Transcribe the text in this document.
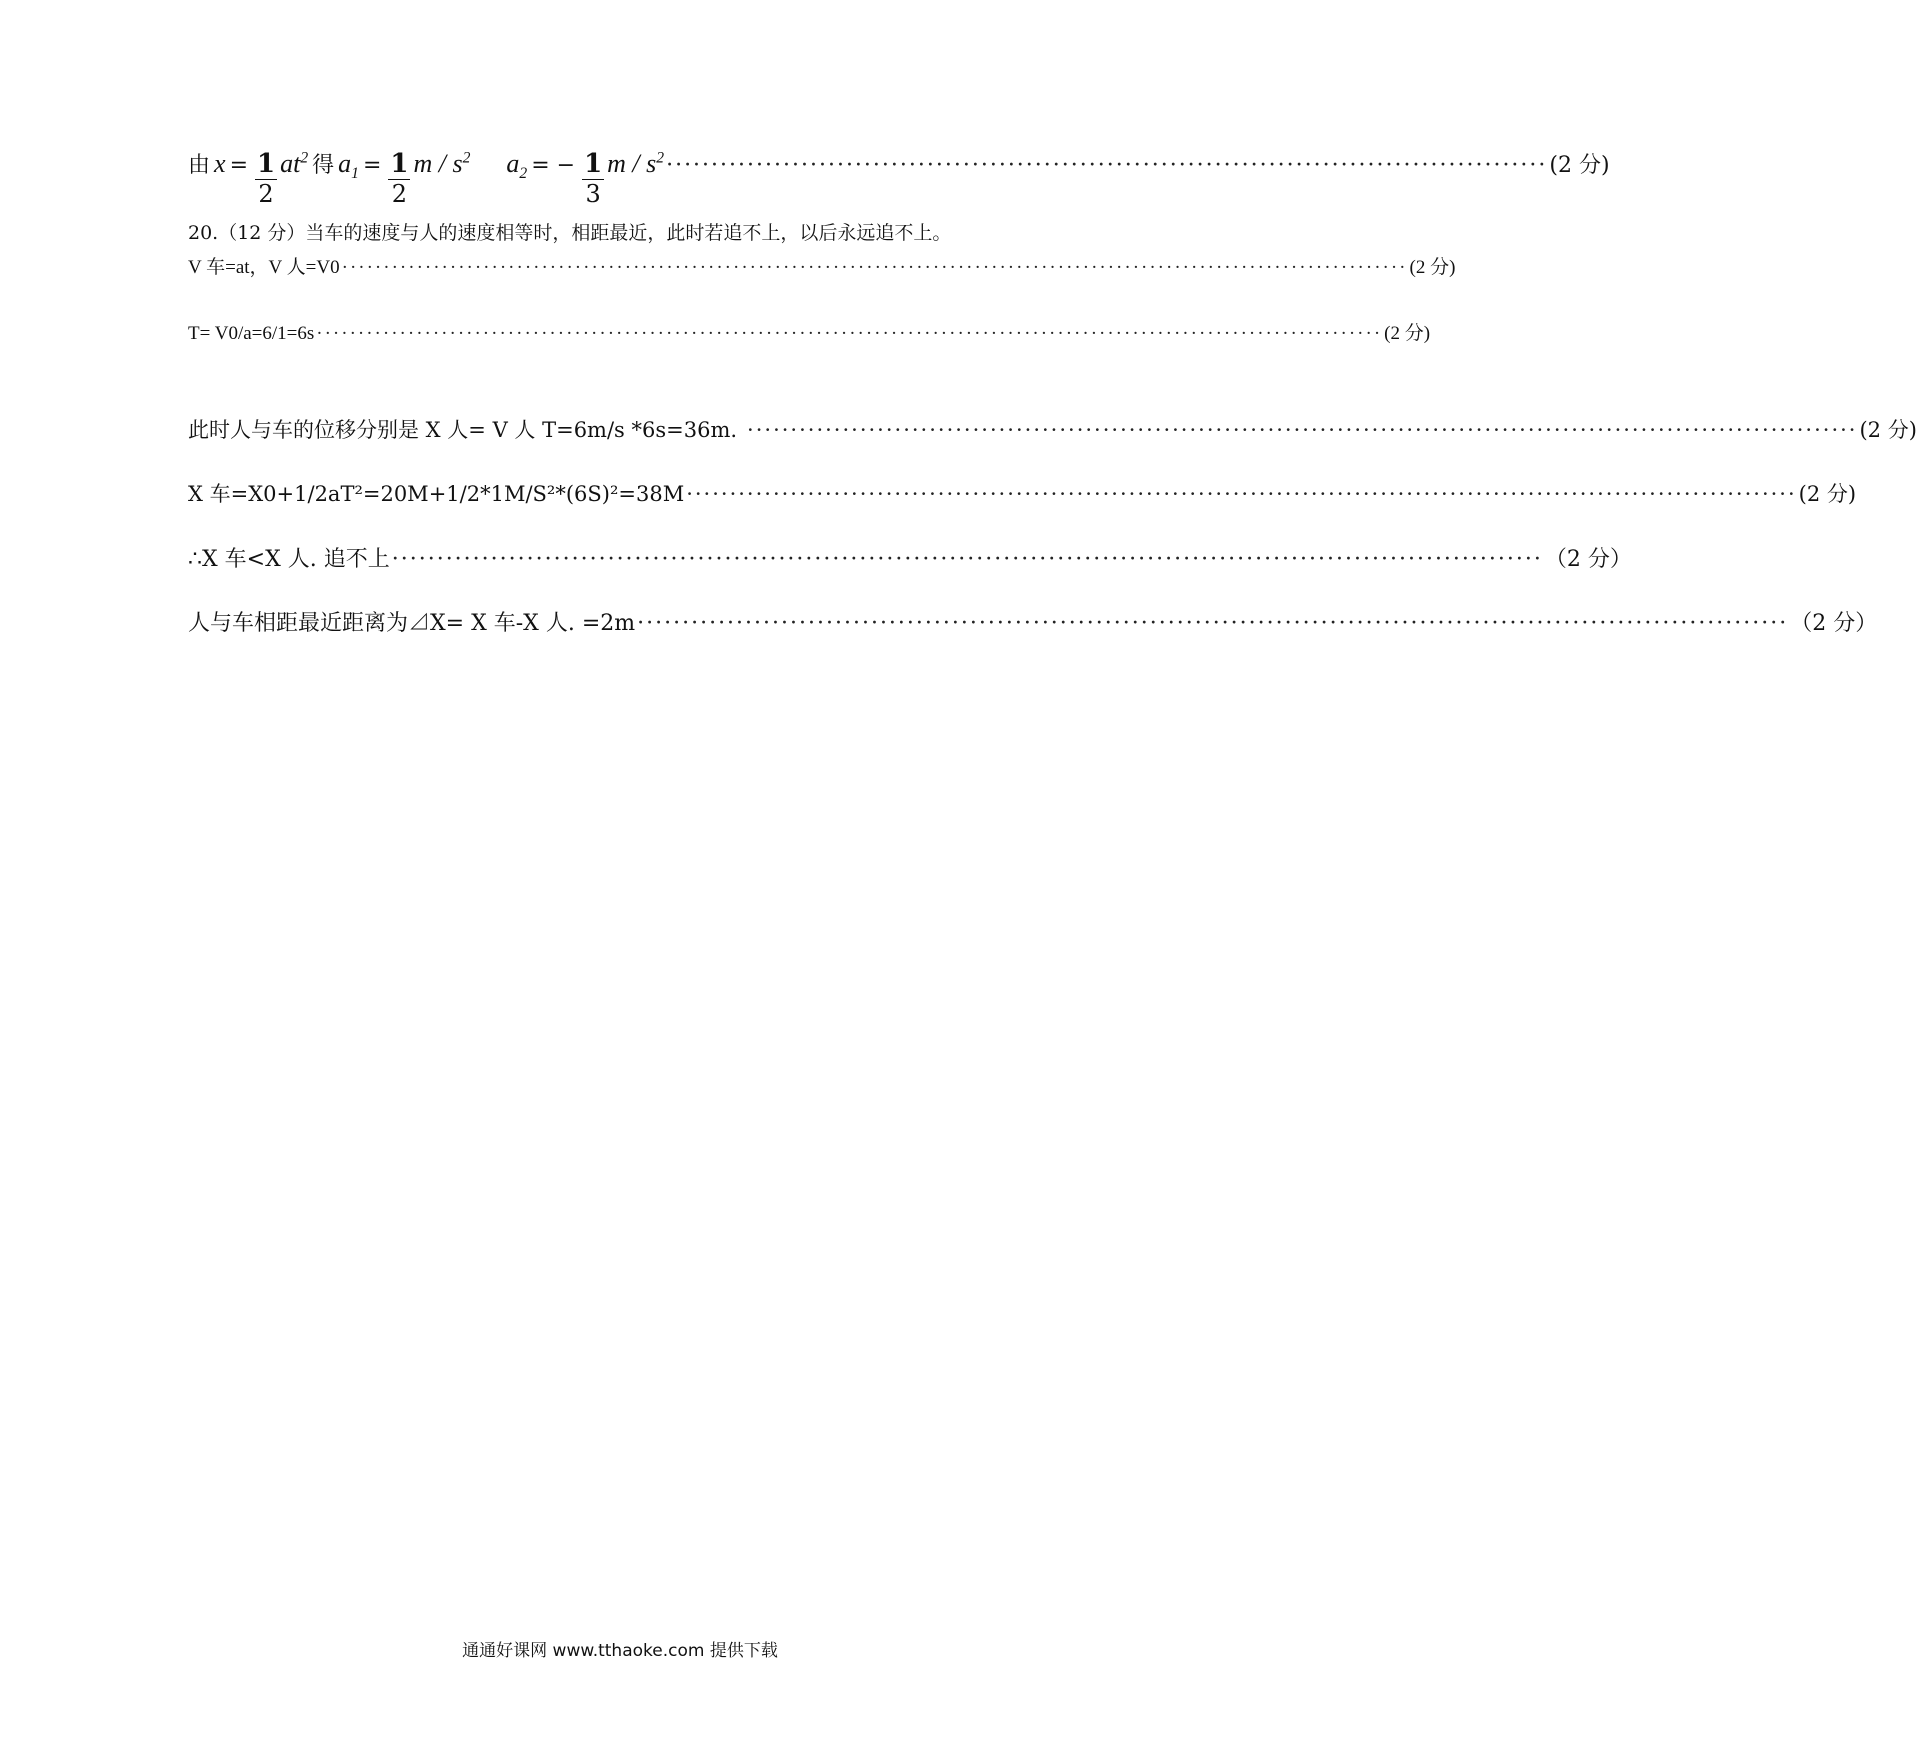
由 $x = \frac{1}{2} at^2$ 得 $a_1 = \frac{1}{2}$ m / $s^2$ $a_2$ = − $\frac{1}{3}$ m / $s^2$ ·································································································· (2 分)
20.（12 分）当车的速度与人的速度相等时，相距最近，此时若追不上，以后永远追不上。
V 车=at，V 人=V0 ································································································································ (2 分)
T= V0/a=6/1=6s ································································································································ (2 分)
此时人与车的位移分别是 X 人= V 人 T=6m/s *6s=36m. ································································································································ (2 分)
X 车=X0+1/2aT²=20M+1/2*1M/S²*(6S)²=38M ································································································································ (2 分)
∴X 车<X 人. 追不上 ································································································································ （2 分）
人与车相距最近距离为⊿X= X 车-X 人. =2m ································································································································ （2 分）
通通好课网 www.tthaoke.com 提供下载
